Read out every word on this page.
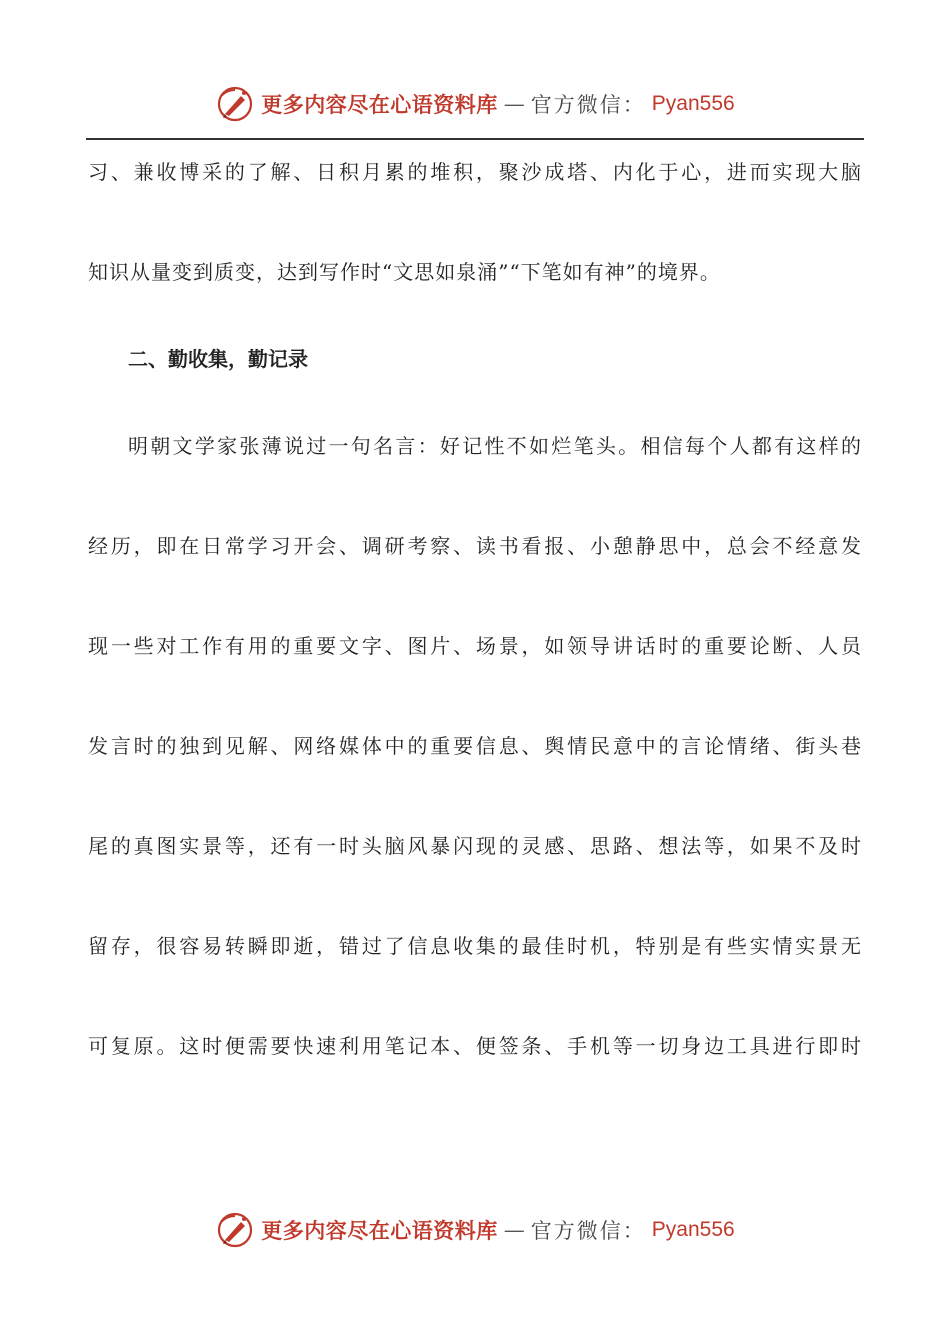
更多内容尽在心语资料库 — 官方微信： Pyan556
习、兼收博采的了解、日积月累的堆积，聚沙成塔、内化于心，进而实现大脑
知识从量变到质变，达到写作时“文思如泉涌”“下笔如有神”的境界。
二、勤收集，勤记录
明朝文学家张薄说过一句名言：好记性不如烂笔头。相信每个人都有这样的
经历，即在日常学习开会、调研考察、读书看报、小憩静思中，总会不经意发
现一些对工作有用的重要文字、图片、场景，如领导讲话时的重要论断、人员
发言时的独到见解、网络媒体中的重要信息、舆情民意中的言论情绪、街头巷
尾的真图实景等，还有一时头脑风暴闪现的灵感、思路、想法等，如果不及时
留存，很容易转瞬即逝，错过了信息收集的最佳时机，特别是有些实情实景无
可复原。这时便需要快速利用笔记本、便签条、手机等一切身边工具进行即时
更多内容尽在心语资料库 — 官方微信： Pyan556
